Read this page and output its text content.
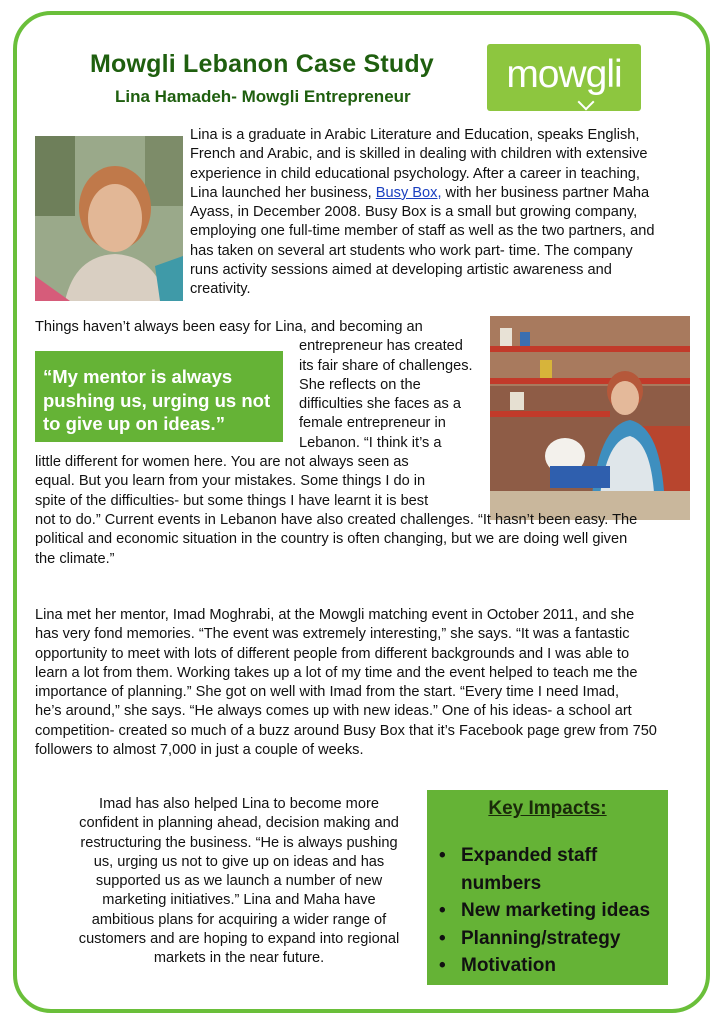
Mowgli Lebanon Case Study
Lina Hamadeh- Mowgli Entrepreneur
mowgli
Lina is a graduate in Arabic Literature and Education, speaks English,
French and Arabic, and is skilled in dealing with children with extensive
experience in child educational psychology. After a career in teaching,
Lina launched her business, Busy Box, with her business partner Maha
Ayass, in December 2008. Busy Box is a small but growing company,
employing one full-time member of staff as well as the two partners, and
has taken on several art students who work part- time. The company
runs activity sessions aimed at developing artistic awareness and
creativity.
Things haven’t always been easy for Lina, and becoming an
entrepreneur has created
its fair share of challenges.
She reflects on the
difficulties she faces as a
female entrepreneur in
Lebanon. “I think it’s a
little different for women here. You are not always seen as
equal. But you learn from your mistakes. Some things I do in
spite of the difficulties- but some things I have learnt it is best
not to do.” Current events in Lebanon have also created challenges. “It hasn’t been easy. The
political and economic situation in the country is often changing, but we are doing well given
the climate.”
“My mentor is always
pushing us, urging us not
to give up on ideas.”
Lina met her mentor, Imad Moghrabi, at the Mowgli matching event in October 2011, and she
has very fond memories. “The event was extremely interesting,” she says. “It was a fantastic
opportunity to meet with lots of different people from different backgrounds and I was able to
learn a lot from them. Working takes up a lot of my time and the event helped to teach me the
importance of planning.” She got on well with Imad from the start. “Every time I need Imad,
he’s around,” she says. “He always comes up with new ideas.” One of his ideas- a school art
competition- created so much of a buzz around Busy Box that it’s Facebook page grew from 750
followers to almost 7,000 in just a couple of weeks.
Imad has also helped Lina to become more
confident in planning ahead, decision making and
restructuring the business. “He is always pushing
us, urging us not to give up on ideas and has
supported us as we launch a number of new
marketing initiatives.” Lina and Maha have
ambitious plans for acquiring a wider range of
customers and are hoping to expand into regional
markets in the near future.
Key Impacts:
• Expanded staff
numbers
• New marketing ideas
• Planning/strategy
• Motivation
